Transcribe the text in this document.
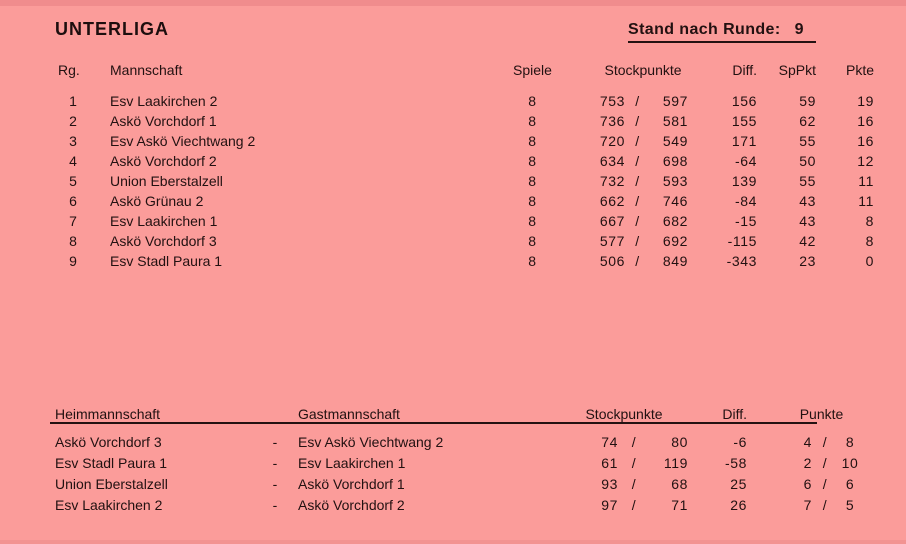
UNTERLIGA	Stand nach Runde: 9
Rg.	Mannschaft	Spiele	Stockpunkte			Diff.	SpPkt	Pkte
1	Esv Laakirchen 2	8	753	/	597	156	59	19
2	Askö Vorchdorf 1	8	736	/	581	155	62	16
3	Esv Askö Viechtwang 2	8	720	/	549	171	55	16
4	Askö Vorchdorf 2	8	634	/	698	-64	50	12
5	Union Eberstalzell	8	732	/	593	139	55	11
6	Askö Grünau 2	8	662	/	746	-84	43	11
7	Esv Laakirchen 1	8	667	/	682	-15	43	8
8	Askö Vorchdorf 3	8	577	/	692	-115	42	8
9	Esv Stadl Paura 1	8	506	/	849	-343	23	0
Heimmannschaft		Gastmannschaft	Stockpunkte			Diff.	Punkte		
Askö Vorchdorf 3	-	Esv Askö Viechtwang 2	74	/	80	-6	4	/	8
Esv Stadl Paura 1	-	Esv Laakirchen 1	61	/	119	-58	2	/	10
Union Eberstalzell	-	Askö Vorchdorf 1	93	/	68	25	6	/	6
Esv Laakirchen 2	-	Askö Vorchdorf 2	97	/	71	26	7	/	5
